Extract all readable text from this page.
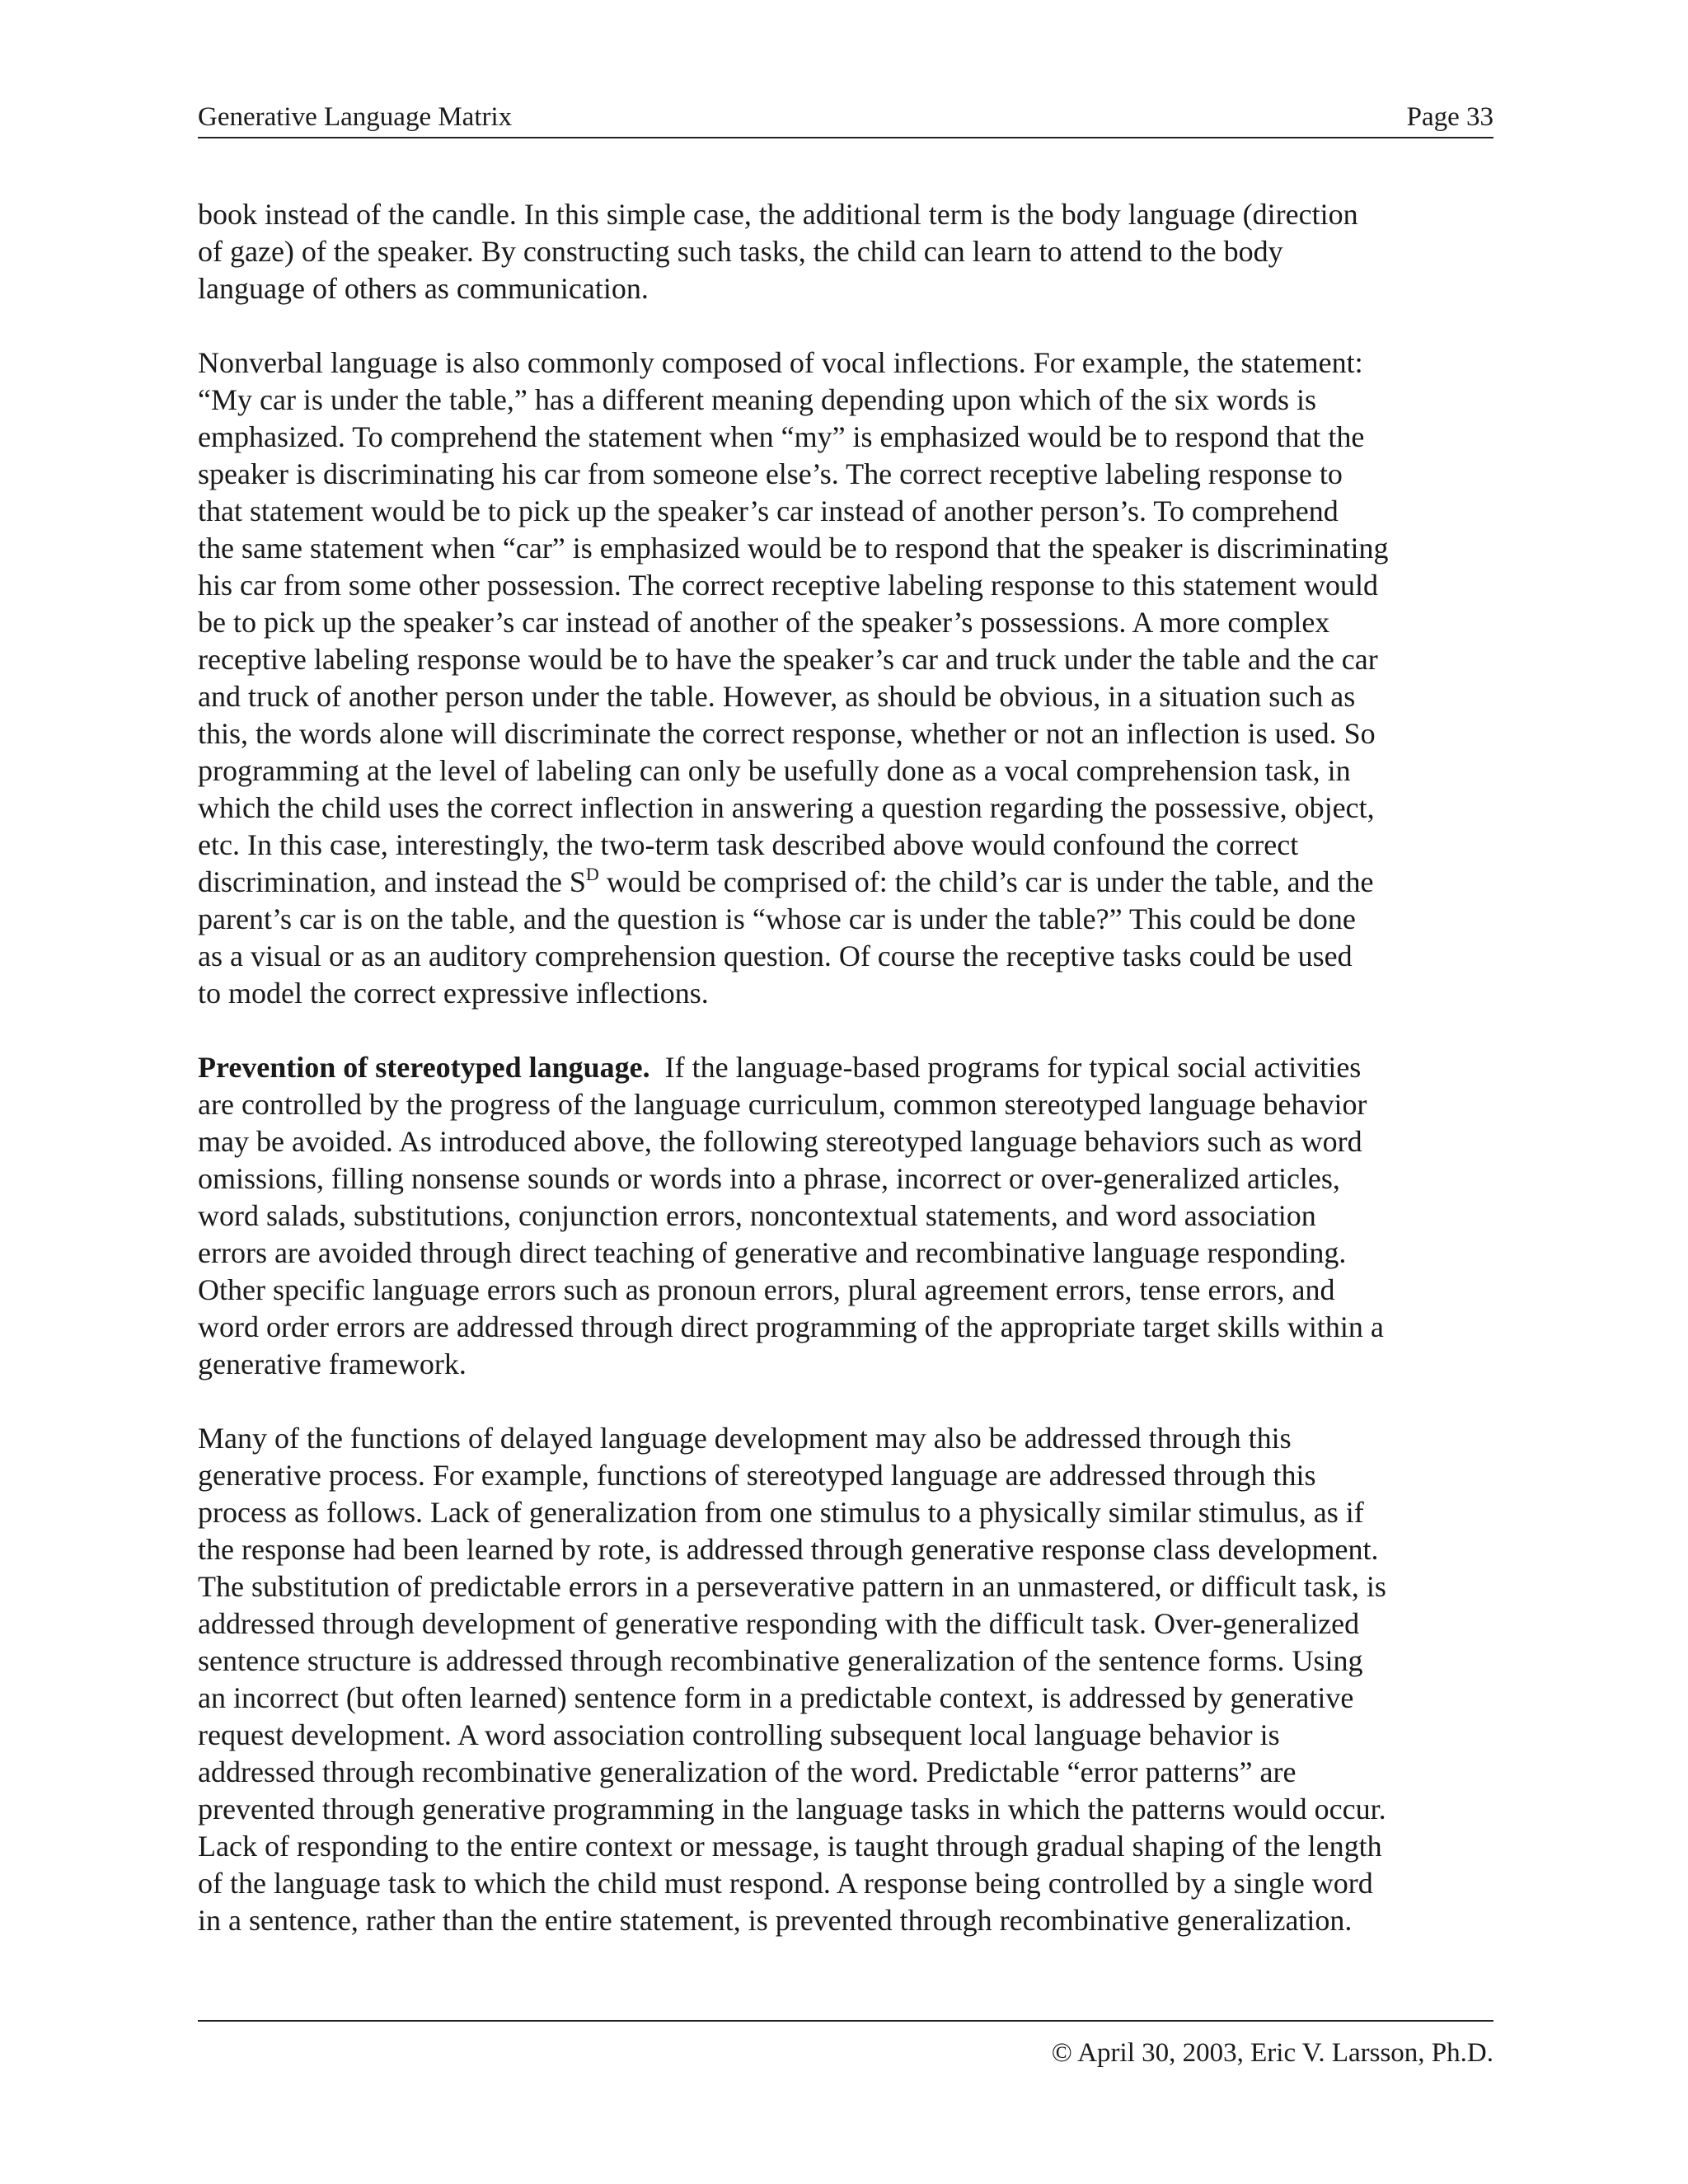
Generative Language Matrix	Page 33

book instead of the candle. In this simple case, the additional term is the body language (direction
of gaze) of the speaker. By constructing such tasks, the child can learn to attend to the body
language of others as communication.

Nonverbal language is also commonly composed of vocal inflections. For example, the statement:
“My car is under the table,” has a different meaning depending upon which of the six words is
emphasized. To comprehend the statement when “my” is emphasized would be to respond that the
speaker is discriminating his car from someone else’s. The correct receptive labeling response to
that statement would be to pick up the speaker’s car instead of another person’s. To comprehend
the same statement when “car” is emphasized would be to respond that the speaker is discriminating
his car from some other possession. The correct receptive labeling response to this statement would
be to pick up the speaker’s car instead of another of the speaker’s possessions. A more complex
receptive labeling response would be to have the speaker’s car and truck under the table and the car
and truck of another person under the table. However, as should be obvious, in a situation such as
this, the words alone will discriminate the correct response, whether or not an inflection is used. So
programming at the level of labeling can only be usefully done as a vocal comprehension task, in
which the child uses the correct inflection in answering a question regarding the possessive, object,
etc. In this case, interestingly, the two-term task described above would confound the correct
discrimination, and instead the $S^D$ would be comprised of: the child’s car is under the table, and the
parent’s car is on the table, and the question is “whose car is under the table?” This could be done
as a visual or as an auditory comprehension question. Of course the receptive tasks could be used
to model the correct expressive inflections.

Prevention of stereotyped language.  If the language-based programs for typical social activities
are controlled by the progress of the language curriculum, common stereotyped language behavior
may be avoided. As introduced above, the following stereotyped language behaviors such as word
omissions, filling nonsense sounds or words into a phrase, incorrect or over-generalized articles,
word salads, substitutions, conjunction errors, noncontextual statements, and word association
errors are avoided through direct teaching of generative and recombinative language responding.
Other specific language errors such as pronoun errors, plural agreement errors, tense errors, and
word order errors are addressed through direct programming of the appropriate target skills within a
generative framework.

Many of the functions of delayed language development may also be addressed through this
generative process. For example, functions of stereotyped language are addressed through this
process as follows. Lack of generalization from one stimulus to a physically similar stimulus, as if
the response had been learned by rote, is addressed through generative response class development.
The substitution of predictable errors in a perseverative pattern in an unmastered, or difficult task, is
addressed through development of generative responding with the difficult task. Over-generalized
sentence structure is addressed through recombinative generalization of the sentence forms. Using
an incorrect (but often learned) sentence form in a predictable context, is addressed by generative
request development. A word association controlling subsequent local language behavior is
addressed through recombinative generalization of the word. Predictable “error patterns” are
prevented through generative programming in the language tasks in which the patterns would occur.
Lack of responding to the entire context or message, is taught through gradual shaping of the length
of the language task to which the child must respond. A response being controlled by a single word
in a sentence, rather than the entire statement, is prevented through recombinative generalization.

© April 30, 2003, Eric V. Larsson, Ph.D.
